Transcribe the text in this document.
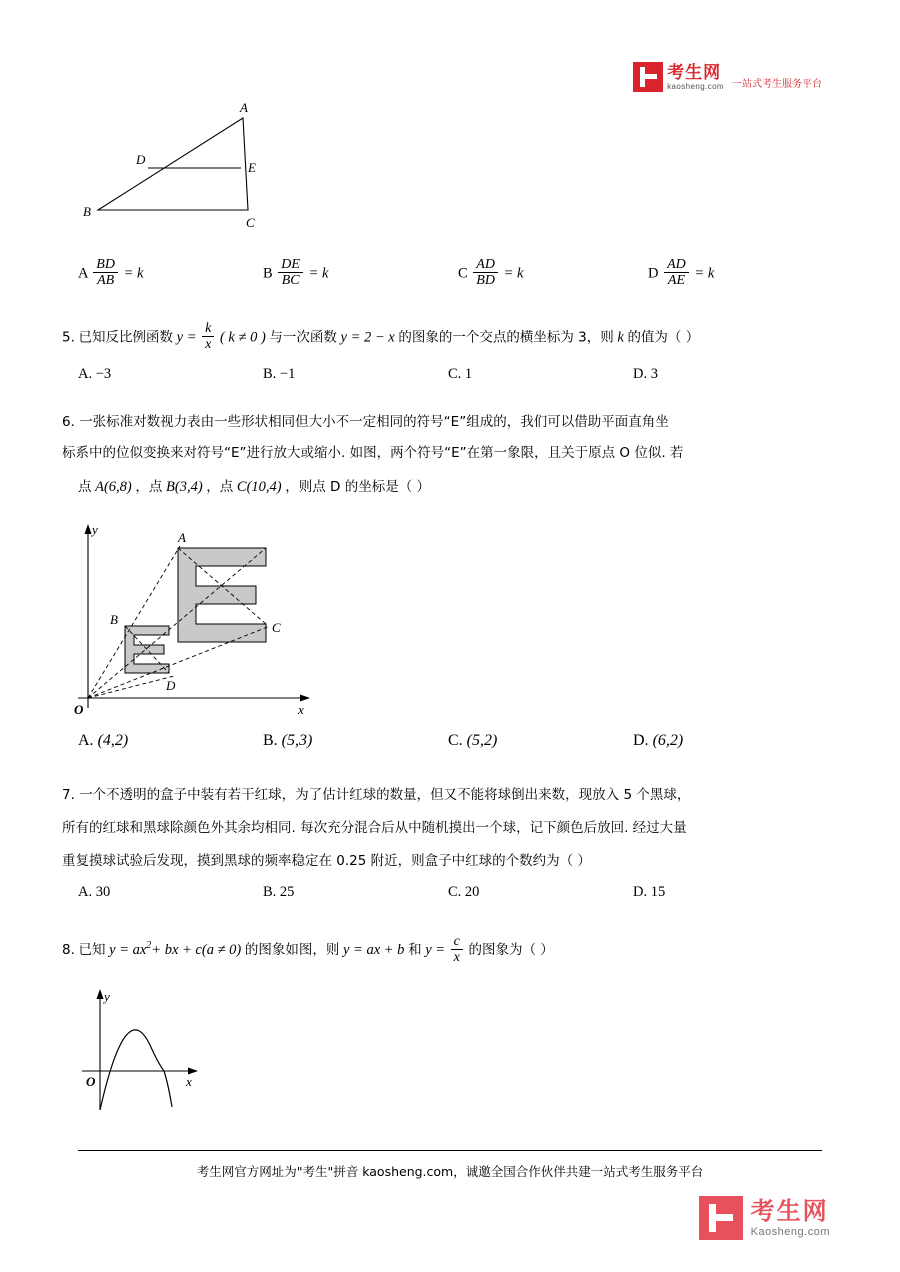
考生网
kaosheng.com 一站式考生服务平台
A
D
E
B
C
A $\frac{BD}{AB} = k$	B $\frac{DE}{BC} = k$	C $\frac{AD}{BD} = k$	D $\frac{AD}{AE} = k$
5. 已知反比例函数 $y = \frac{k}{x}$ ( k ≠ 0 ) 与一次函数 y = 2 − x 的图象的一个交点的横坐标为 3，则 k 的值为（ ）
A. −3	B. −1	C. 1	D. 3
6. 一张标准对数视力表由一些形状相同但大小不一定相同的符号“E”组成的，我们可以借助平面直角坐
标系中的位似变换来对符号“E”进行放大或缩小. 如图，两个符号“E”在第一象限，且关于原点 O 位似. 若
点 A(6,8) ，点 B(3,4) ，点 C(10,4) ，则点 D 的坐标是（ ）
y
x
O
A
B
C
D
A. (4,2)	B. (5,3)	C. (5,2)	D. (6,2)
7. 一个不透明的盒子中装有若干红球，为了估计红球的数量，但又不能将球倒出来数，现放入 5 个黑球，
所有的红球和黑球除颜色外其余均相同. 每次充分混合后从中随机摸出一个球，记下颜色后放回. 经过大量
重复摸球试验后发现，摸到黑球的频率稳定在 0.25 附近，则盒子中红球的个数约为（ ）
A. 30	B. 25	C. 20	D. 15
8. 已知 $y = ax^2+$ bx + c(a ≠ 0) 的图象如图，则 y = ax + b 和 $y = \frac{c}{x}$ 的图象为（ ）
y
x
O
考生网官方网址为"考生"拼音 kaosheng.com，诚邀全国合作伙伴共建一站式考生服务平台
考生网
Kaosheng.com
